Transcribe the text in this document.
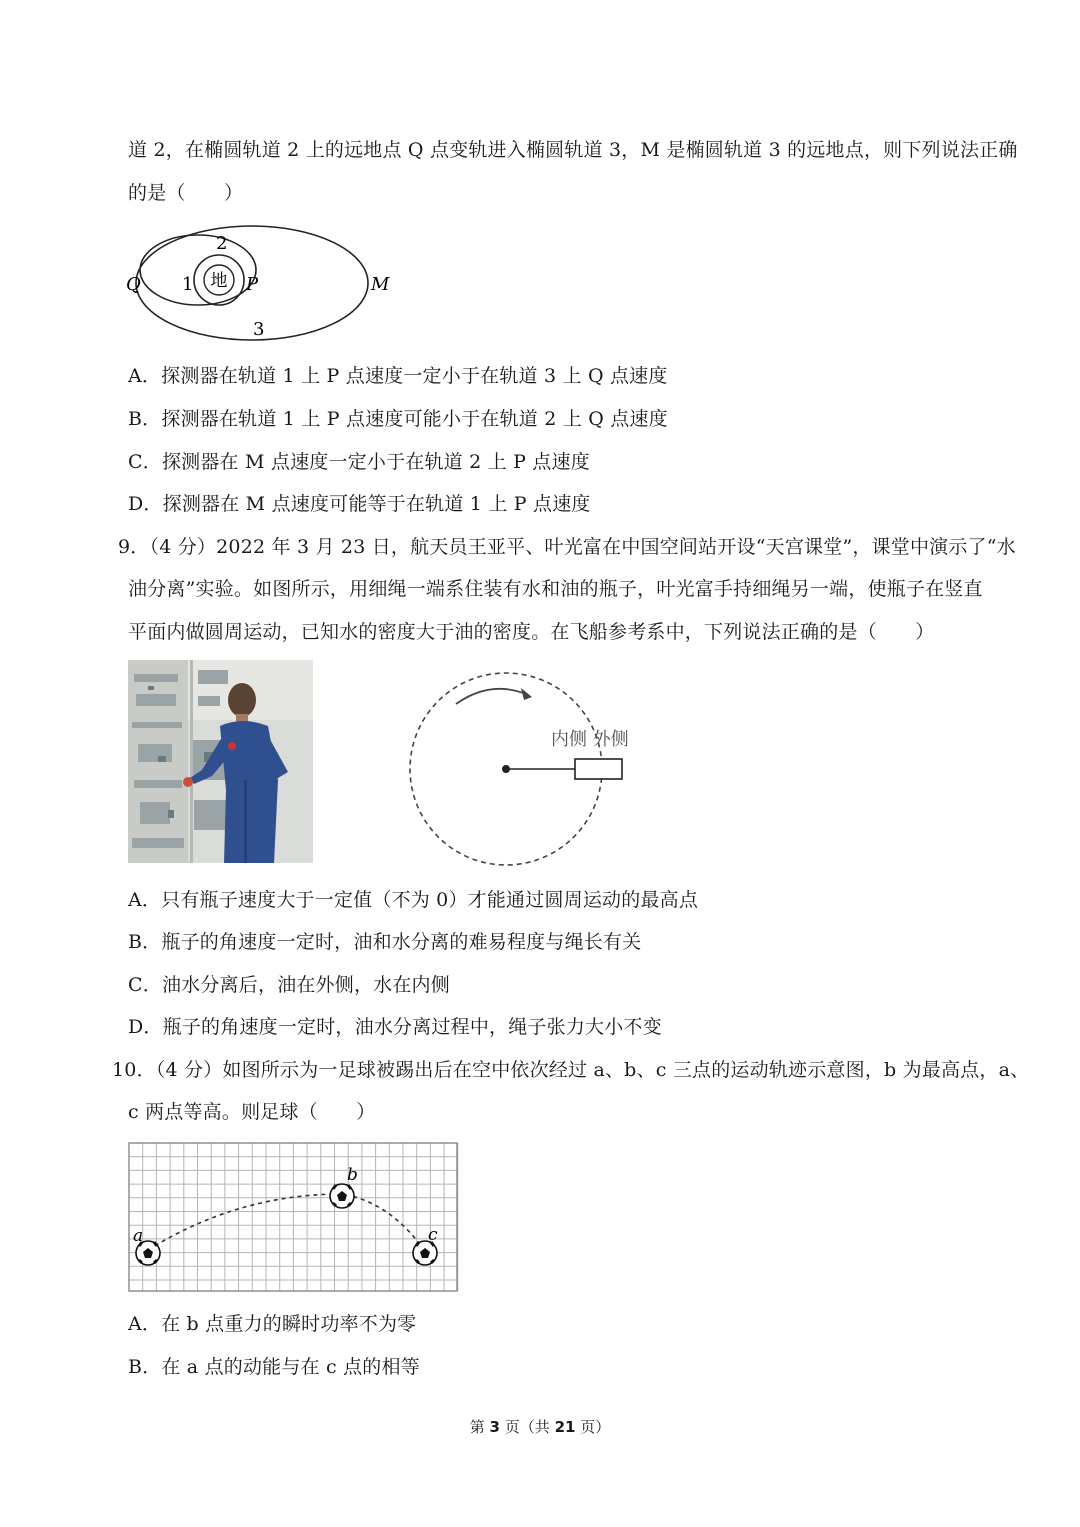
道 2，在椭圆轨道 2 上的远地点 Q 点变轨进入椭圆轨道 3，M 是椭圆轨道 3 的远地点，则下列说法正确
的是（　　）
地
1
2
3
Q	P	M
A．探测器在轨道 1 上 P 点速度一定小于在轨道 3 上 Q 点速度
B．探测器在轨道 1 上 P 点速度可能小于在轨道 2 上 Q 点速度
C．探测器在 M 点速度一定小于在轨道 2 上 P 点速度
D．探测器在 M 点速度可能等于在轨道 1 上 P 点速度
9．（4 分）2022 年 3 月 23 日，航天员王亚平、叶光富在中国空间站开设“天宫课堂”，课堂中演示了“水
油分离”实验。如图所示，用细绳一端系住装有水和油的瓶子，叶光富手持细绳另一端，使瓶子在竖直
平面内做圆周运动，已知水的密度大于油的密度。在飞船参考系中，下列说法正确的是（　　）
内侧 外侧
A．只有瓶子速度大于一定值（不为 0）才能通过圆周运动的最高点
B．瓶子的角速度一定时，油和水分离的难易程度与绳长有关
C．油水分离后，油在外侧，水在内侧
D．瓶子的角速度一定时，油水分离过程中，绳子张力大小不变
10．（4 分）如图所示为一足球被踢出后在空中依次经过 a、b、c 三点的运动轨迹示意图，b 为最高点，a、
c 两点等高。则足球（　　）
a
b
c
A．在 b 点重力的瞬时功率不为零
B．在 a 点的动能与在 c 点的相等
第 3 页（共 21 页）
